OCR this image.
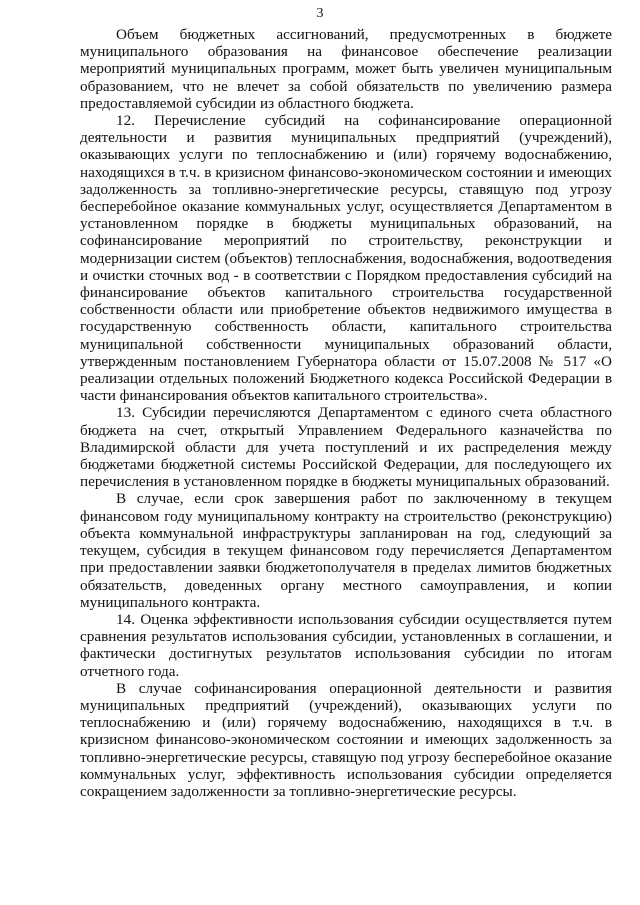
3

Объем бюджетных ассигнований, предусмотренных в бюджете муниципального образования на финансовое обеспечение реализации мероприятий муниципальных программ, может быть увеличен муниципальным образованием, что не влечет за собой обязательств по увеличению размера предоставляемой субсидии из областного бюджета.

12. Перечисление субсидий на софинансирование операционной деятельности и развития муниципальных предприятий (учреждений), оказывающих услуги по теплоснабжению и (или) горячему водоснабжению, находящихся в т.ч. в кризисном финансово-экономическом состоянии и имеющих задолженность за топливно-энергетические ресурсы, ставящую под угрозу бесперебойное оказание коммунальных услуг, осуществляется Департаментом в установленном порядке в бюджеты муниципальных образований, на софинансирование мероприятий по строительству, реконструкции и модернизации систем (объектов) теплоснабжения, водоснабжения, водоотведения и очистки сточных вод - в соответствии с Порядком предоставления субсидий на финансирование объектов капитального строительства государственной собственности области или приобретение объектов недвижимого имущества в государственную собственность области, капитального строительства муниципальной собственности муниципальных образований области, утвержденным постановлением Губернатора области от 15.07.2008 № 517 «О реализации отдельных положений Бюджетного кодекса Российской Федерации в части финансирования объектов капитального строительства».

13. Субсидии перечисляются Департаментом с единого счета областного бюджета на счет, открытый Управлением Федерального казначейства по Владимирской области для учета поступлений и их распределения между бюджетами бюджетной системы Российской Федерации, для последующего их перечисления в установленном порядке в бюджеты муниципальных образований.

В случае, если срок завершения работ по заключенному в текущем финансовом году муниципальному контракту на строительство (реконструкцию) объекта коммунальной инфраструктуры запланирован на год, следующий за текущем, субсидия в текущем финансовом году перечисляется Департаментом при предоставлении заявки бюджетополучателя в пределах лимитов бюджетных обязательств, доведенных органу местного самоуправления, и копии муниципального контракта.

14. Оценка эффективности использования субсидии осуществляется путем сравнения результатов использования субсидии, установленных в соглашении, и фактически достигнутых результатов использования субсидии по итогам отчетного года.

В случае софинансирования операционной деятельности и развития муниципальных предприятий (учреждений), оказывающих услуги по теплоснабжению и (или) горячему водоснабжению, находящихся в т.ч. в кризисном финансово-экономическом состоянии и имеющих задолженность за топливно-энергетические ресурсы, ставящую под угрозу бесперебойное оказание коммунальных услуг, эффективность использования субсидии определяется сокращением задолженности за топливно-энергетические ресурсы.
